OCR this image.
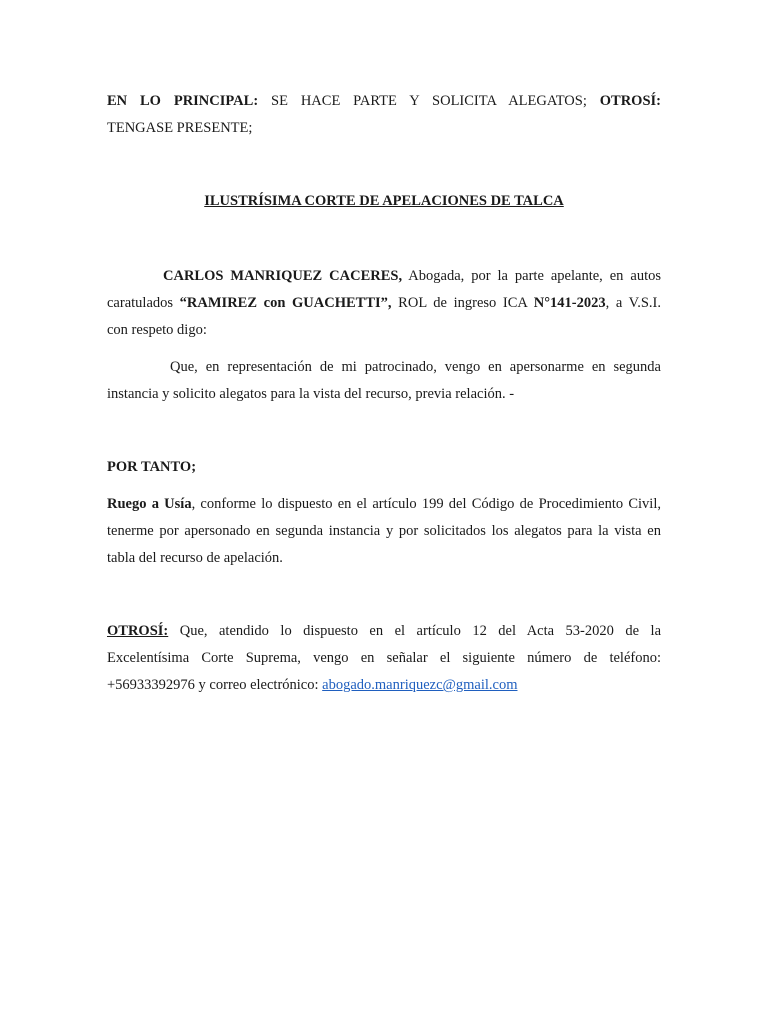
EN LO PRINCIPAL: SE HACE PARTE Y SOLICITA ALEGATOS; OTROSÍ:
TENGASE PRESENTE;
ILUSTRÍSIMA CORTE DE APELACIONES DE TALCA
CARLOS MANRIQUEZ CACERES, Abogada, por la parte apelante, en autos
caratulados “RAMIREZ con GUACHETTI”, ROL de ingreso ICA N°141-2023, a V.S.I.
con respeto digo:
Que, en representación de mi patrocinado, vengo en apersonarme en segunda
instancia y solicito alegatos para la vista del recurso, previa relación. -
POR TANTO;
Ruego a Usía, conforme lo dispuesto en el artículo 199 del Código de Procedimiento Civil,
tenerme por apersonado en segunda instancia y por solicitados los alegatos para la vista en
tabla del recurso de apelación.
OTROSÍ: Que, atendido lo dispuesto en el artículo 12 del Acta 53-2020 de la
Excelentísima Corte Suprema, vengo en señalar el siguiente número de teléfono:
+56933392976 y correo electrónico: abogado.manriquezc@gmail.com
